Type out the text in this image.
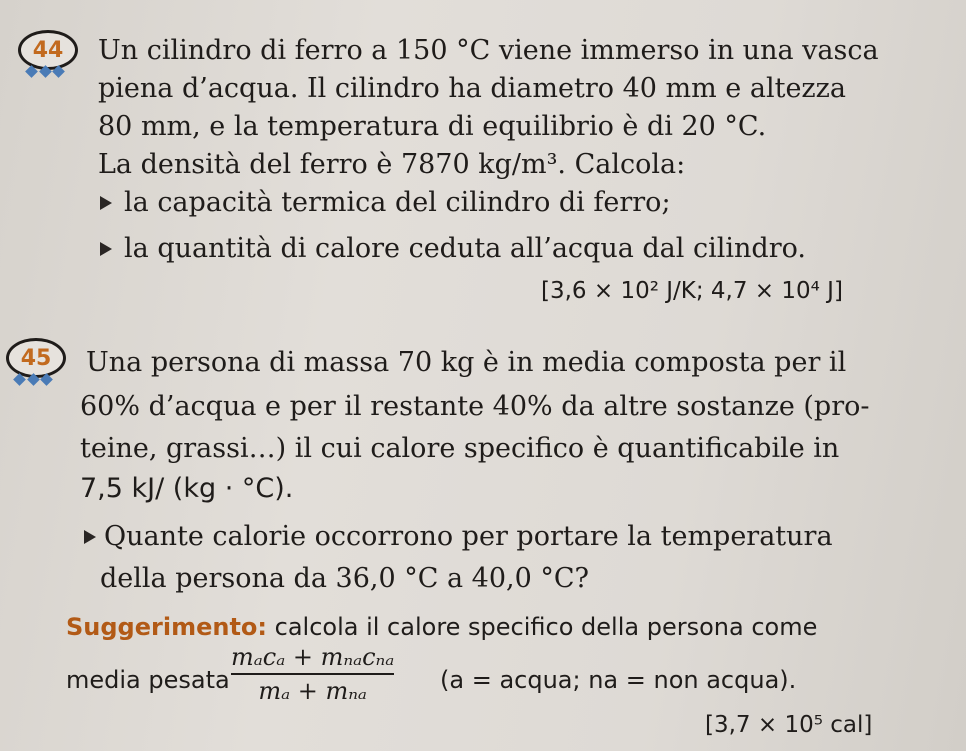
44 Un cilindro di ferro a 150 °C viene immerso in una vasca
piena d’acqua. Il cilindro ha diametro 40 mm e altezza
80 mm, e la temperatura di equilibrio è di 20 °C.
La densità del ferro è 7870 kg/m³. Calcola:
la capacità termica del cilindro di ferro;
la quantità di calore ceduta all’acqua dal cilindro.
[3,6 × 10² J/K; 4,7 × 10⁴ J]
45 Una persona di massa 70 kg è in media composta per il
60% d’acqua e per il restante 40% da altre sostanze (pro-
teine, grassi…) il cui calore specifico è quantificabile in
7,5 kJ/ (kg · °C).
Quante calorie occorrono per portare la temperatura
della persona da 36,0 °C a 40,0 °C?
Suggerimento: calcola il calore specifico della persona come
media pesata
mₐcₐ + mₙₐcₙₐ
mₐ + mₙₐ	(a = acqua; na = non acqua).
[3,7 × 10⁵ cal]
